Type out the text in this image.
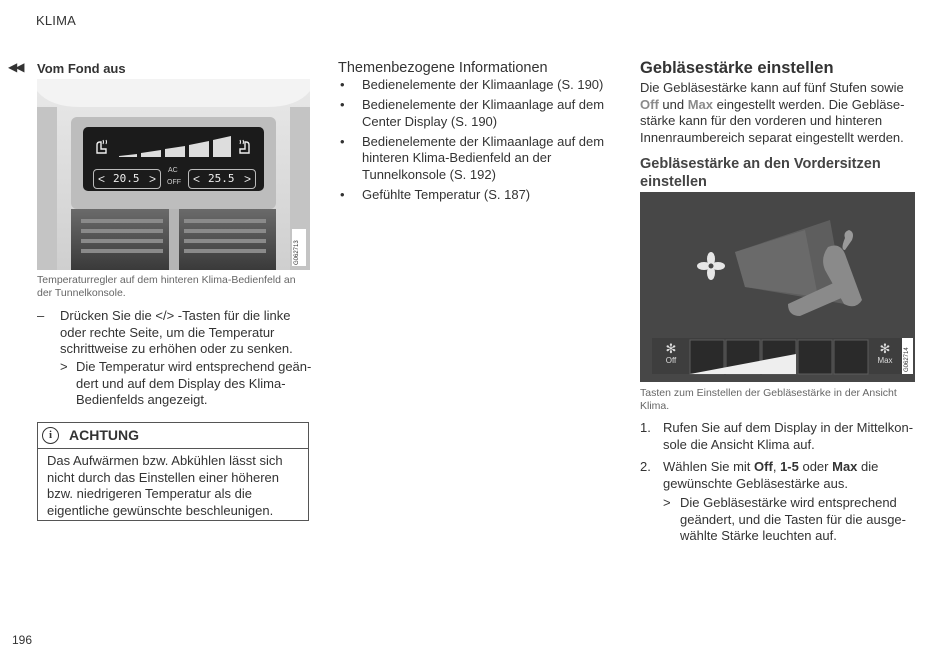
KLIMA
◀◀ Vom Fond aus
< 20.5 >
AC
OFF < 25.5 >
G062713
Temperaturregler auf dem hinteren Klima-Bedienfeld an der Tunnelkonsole.
– Drücken Sie die </> -Tasten für die linke oder rechte Seite, um die Temperatur schrittweise zu erhöhen oder zu senken.
> Die Temperatur wird entsprechend geändert und auf dem Display des Klima-Bedienfelds angezeigt.
i	ACHTUNG
Das Aufwärmen bzw. Abkühlen lässt sich nicht durch das Einstellen einer höheren bzw. niedrigeren Temperatur als die eigentliche gewünschte beschleunigen.
Themenbezogene Informationen
• Bedienelemente der Klimaanlage (S. 190)
• Bedienelemente der Klimaanlage auf dem Center Display (S. 190)
• Bedienelemente der Klimaanlage auf dem hinteren Klima-Bedienfeld an der Tunnelkonsole (S. 192)
• Gefühlte Temperatur (S. 187)
Gebläsestärke einstellen
Die Gebläsestärke kann auf fünf Stufen sowie Off und Max eingestellt werden. Die Gebläsestärke kann für den vorderen und hinteren Innenraumbereich separat eingestellt werden.
Gebläsestärke an den Vordersitzen einstellen
✻
Off
✻
Max	G062714
Tasten zum Einstellen der Gebläsestärke in der Ansicht Klima.
1. Rufen Sie auf dem Display in der Mittelkonsole die Ansicht Klima auf.
2. Wählen Sie mit Off, 1-5 oder Max die gewünschte Gebläsestärke aus.
> Die Gebläsestärke wird entsprechend geändert, und die Tasten für die ausgewählte Stärke leuchten auf.
196
